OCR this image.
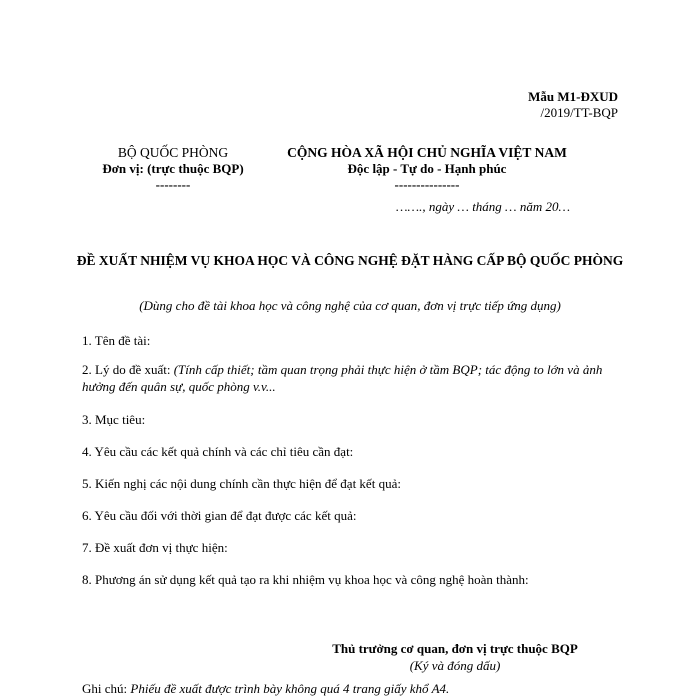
Mẫu M1-ĐXUD
/2019/TT-BQP
BỘ QUỐC PHÒNG
Đơn vị: (trực thuộc BQP)
--------
CỘNG HÒA XÃ HỘI CHỦ NGHĨA VIỆT NAM
Độc lập - Tự do - Hạnh phúc
---------------
……., ngày … tháng … năm 20…
ĐỀ XUẤT NHIỆM VỤ KHOA HỌC VÀ CÔNG NGHỆ ĐẶT HÀNG CẤP BỘ QUỐC PHÒNG
(Dùng cho đề tài khoa học và công nghệ của cơ quan, đơn vị trực tiếp ứng dụng)
1. Tên đề tài:
2. Lý do đề xuất: (Tính cấp thiết; tầm quan trọng phải thực hiện ở tầm BQP; tác động to lớn và ảnh hưởng đến quân sự, quốc phòng v.v...
3. Mục tiêu:
4. Yêu cầu các kết quả chính và các chỉ tiêu cần đạt:
5. Kiến nghị các nội dung chính cần thực hiện để đạt kết quả:
6. Yêu cầu đối với thời gian để đạt được các kết quả:
7. Đề xuất đơn vị thực hiện:
8. Phương án sử dụng kết quả tạo ra khi nhiệm vụ khoa học và công nghệ hoàn thành:
Thủ trưởng cơ quan, đơn vị trực thuộc BQP
(Ký và đóng dấu)
Ghi chú: Phiếu đề xuất được trình bày không quá 4 trang giấy khổ A4.
